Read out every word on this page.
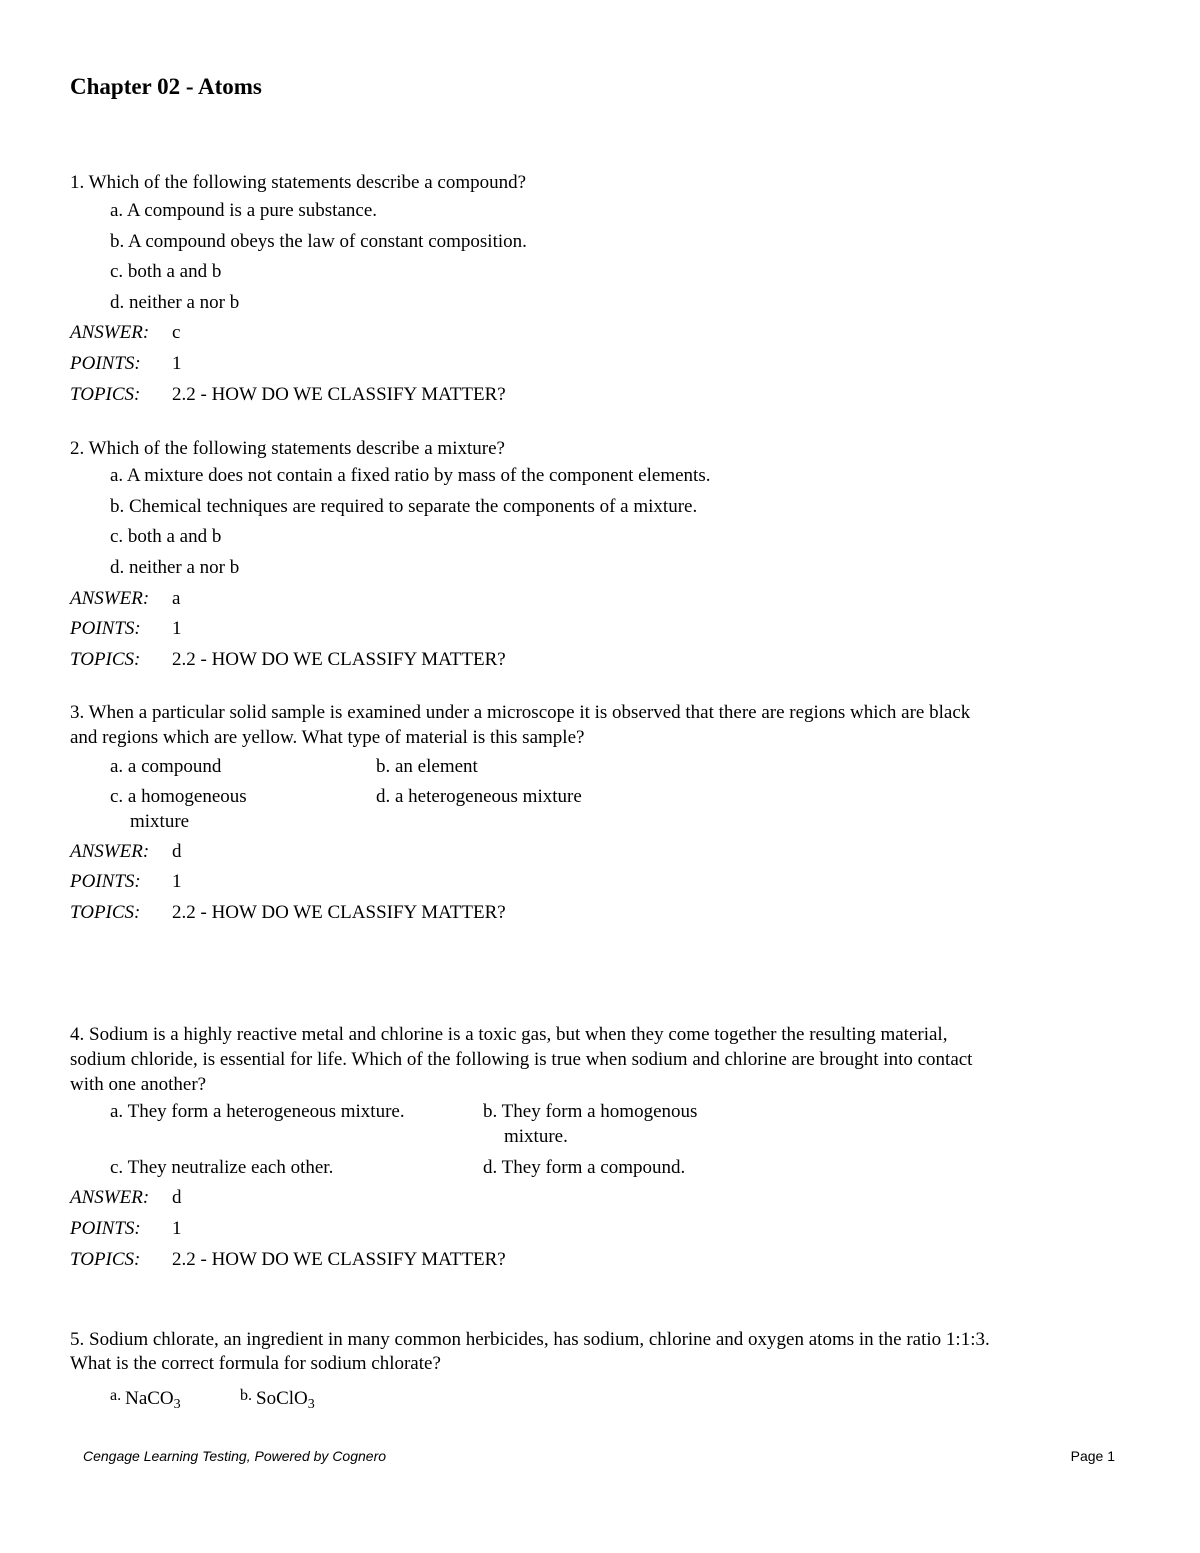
Chapter 02 - Atoms
1. Which of the following statements describe a compound?
a. A compound is a pure substance.
b. A compound obeys the law of constant composition.
c. both a and b
d. neither a nor b
ANSWER: c
POINTS: 1
TOPICS: 2.2 - HOW DO WE CLASSIFY MATTER?
2. Which of the following statements describe a mixture?
a. A mixture does not contain a fixed ratio by mass of the component elements.
b. Chemical techniques are required to separate the components of a mixture.
c. both a and b
d. neither a nor b
ANSWER: a
POINTS: 1
TOPICS: 2.2 - HOW DO WE CLASSIFY MATTER?
3. When a particular solid sample is examined under a microscope it is observed that there are regions which are black
and regions which are yellow. What type of material is this sample?
a. a compound	b. an element
c. a homogeneous
mixture
d. a heterogeneous mixture
ANSWER: d
POINTS: 1
TOPICS: 2.2 - HOW DO WE CLASSIFY MATTER?
4. Sodium is a highly reactive metal and chlorine is a toxic gas, but when they come together the resulting material,
sodium chloride, is essential for life. Which of the following is true when sodium and chlorine are brought into contact
with one another?
a. They form a heterogeneous mixture.	b. They form a homogenous
mixture.
c. They neutralize each other.	d. They form a compound.
ANSWER: d
POINTS: 1
TOPICS: 2.2 - HOW DO WE CLASSIFY MATTER?
5. Sodium chlorate, an ingredient in many common herbicides, has sodium, chlorine and oxygen atoms in the ratio 1:1:3.
What is the correct formula for sodium chlorate?
$^{a.}$ NaCO$_3$
$^{b.}$ SoClO$_3$
Cengage Learning Testing, Powered by Cognero	Page 1
